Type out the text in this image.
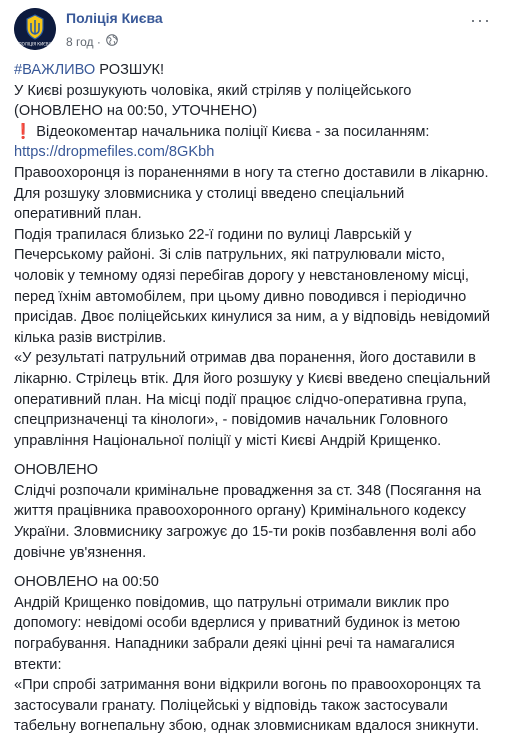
ПОЛІЦІЯ КИЄВА
Поліція Києва
8 год ·
···

#ВАЖЛИВО РОЗШУК!

У Києві розшукують чоловіка, який стріляв у поліцейського

(ОНОВЛЕНО на 00:50, УТОЧНЕНО)

❗ Відеокоментар начальника поліції Києва - за посиланням:

https://dropmefiles.com/8GKbh

Правоохоронця із пораненнями в ногу та стегно доставили в лікарню. Для розшуку зловмисника у столиці введено спеціальний оперативний план.

Подія трапилася близько 22-ї години по вулиці Лаврській у Печерському районі. Зі слів патрульних, які патрулювали місто, чоловік у темному одязі перебігав дорогу у невстановленому місці, перед їхнім автомобілем, при цьому дивно поводився і періодично присідав. Двоє поліцейських кинулися за ним, а у відповідь невідомий кілька разів вистрілив.

«У результаті патрульний отримав два поранення, його доставили в лікарню. Стрілець втік. Для його розшуку у Києві введено спеціальний оперативний план. На місці події працює слідчо-оперативна група, спецпризначенці та кінологи», - повідомив начальник Головного управління Національної поліції у місті Києві Андрій Крищенко.

ОНОВЛЕНО

Слідчі розпочали кримінальне провадження за ст. 348 (Посягання на життя працівника правоохоронного органу) Кримінального кодексу України. Зловмиснику загрожує до 15-ти років позбавлення волі або довічне ув'язнення.

ОНОВЛЕНО на 00:50

Андрій Крищенко повідомив, що патрульні отримали виклик про допомогу: невідомі особи вдерлися у приватний будинок із метою пограбування. Нападники забрали деякі цінні речі та намагалися втекти:

«При спробі затримання вони відкрили вогонь по правоохоронцях та застосували гранату. Поліцейські у відповідь також застосували табельну вогнепальну збою, однак зловмисникам вдалося зникнути.
